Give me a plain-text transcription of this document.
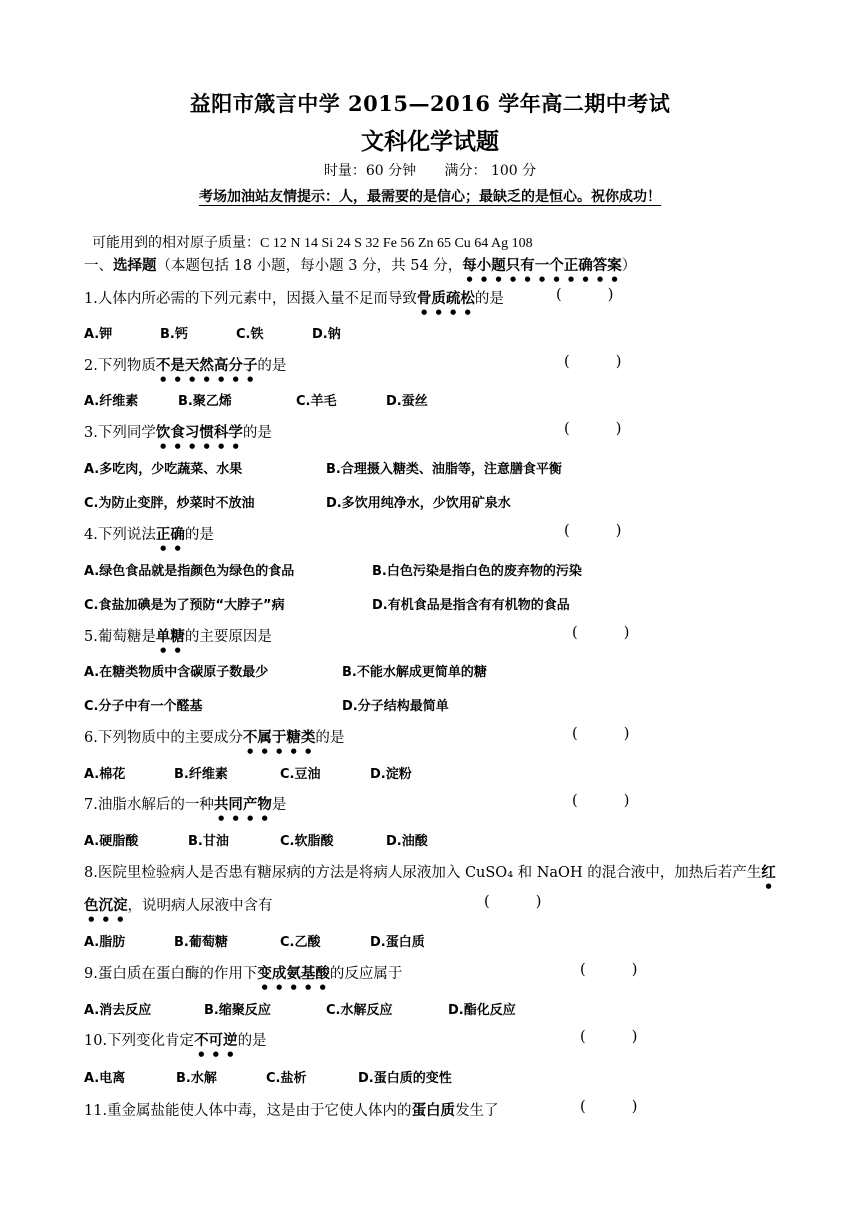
益阳市箴言中学 2015—2016 学年高二期中考试
文科化学试题
时量：60 分钟 满分： 100 分
考场加油站友情提示：人，最需要的是信心；最缺乏的是恒心。祝你成功！
可能用到的相对原子质量：C 12 N 14 Si 24 S 32 Fe 56 Zn 65 Cu 64 Ag 108
一、选择题（本题包括 18 小题，每小题 3 分，共 54 分，每小题只有一个正确答案）
1.人体内所必需的下列元素中，因摄入量不足而导致骨质疏松的是	(          )
A.钾	B.钙	C.铁	D.钠
2.下列物质不是天然高分子的是	(          )
A.纤维素	B.聚乙烯	C.羊毛	D.蚕丝
3.下列同学饮食习惯科学的是	(          )
A.多吃肉，少吃蔬菜、水果	B.合理摄入糖类、油脂等，注意膳食平衡
C.为防止变胖，炒菜时不放油	D.多饮用纯净水，少饮用矿泉水
4.下列说法正确的是	(          )
A.绿色食品就是指颜色为绿色的食品	B.白色污染是指白色的废弃物的污染
C.食盐加碘是为了预防“大脖子”病	D.有机食品是指含有有机物的食品
5.葡萄糖是单糖的主要原因是	(          )
A.在糖类物质中含碳原子数最少	B.不能水解成更简单的糖
C.分子中有一个醛基	D.分子结构最简单
6.下列物质中的主要成分不属于糖类的是	(          )
A.棉花	B.纤维素	C.豆油	D.淀粉
7.油脂水解后的一种共同产物是	(          )
A.硬脂酸	B.甘油	C.软脂酸	D.油酸
8.医院里检验病人是否患有糖尿病的方法是将病人尿液加入 CuSO₄ 和 NaOH 的混合液中，加热后若产生红
色沉淀，说明病人尿液中含有	(          )
A.脂肪	B.葡萄糖	C.乙酸	D.蛋白质
9.蛋白质在蛋白酶的作用下变成氨基酸的反应属于	(          )
A.消去反应	B.缩聚反应	C.水解反应	D.酯化反应
10.下列变化肯定不可逆的是	(          )
A.电离	B.水解	C.盐析	D.蛋白质的变性
11.重金属盐能使人体中毒，这是由于它使人体内的蛋白质发生了	(          )
